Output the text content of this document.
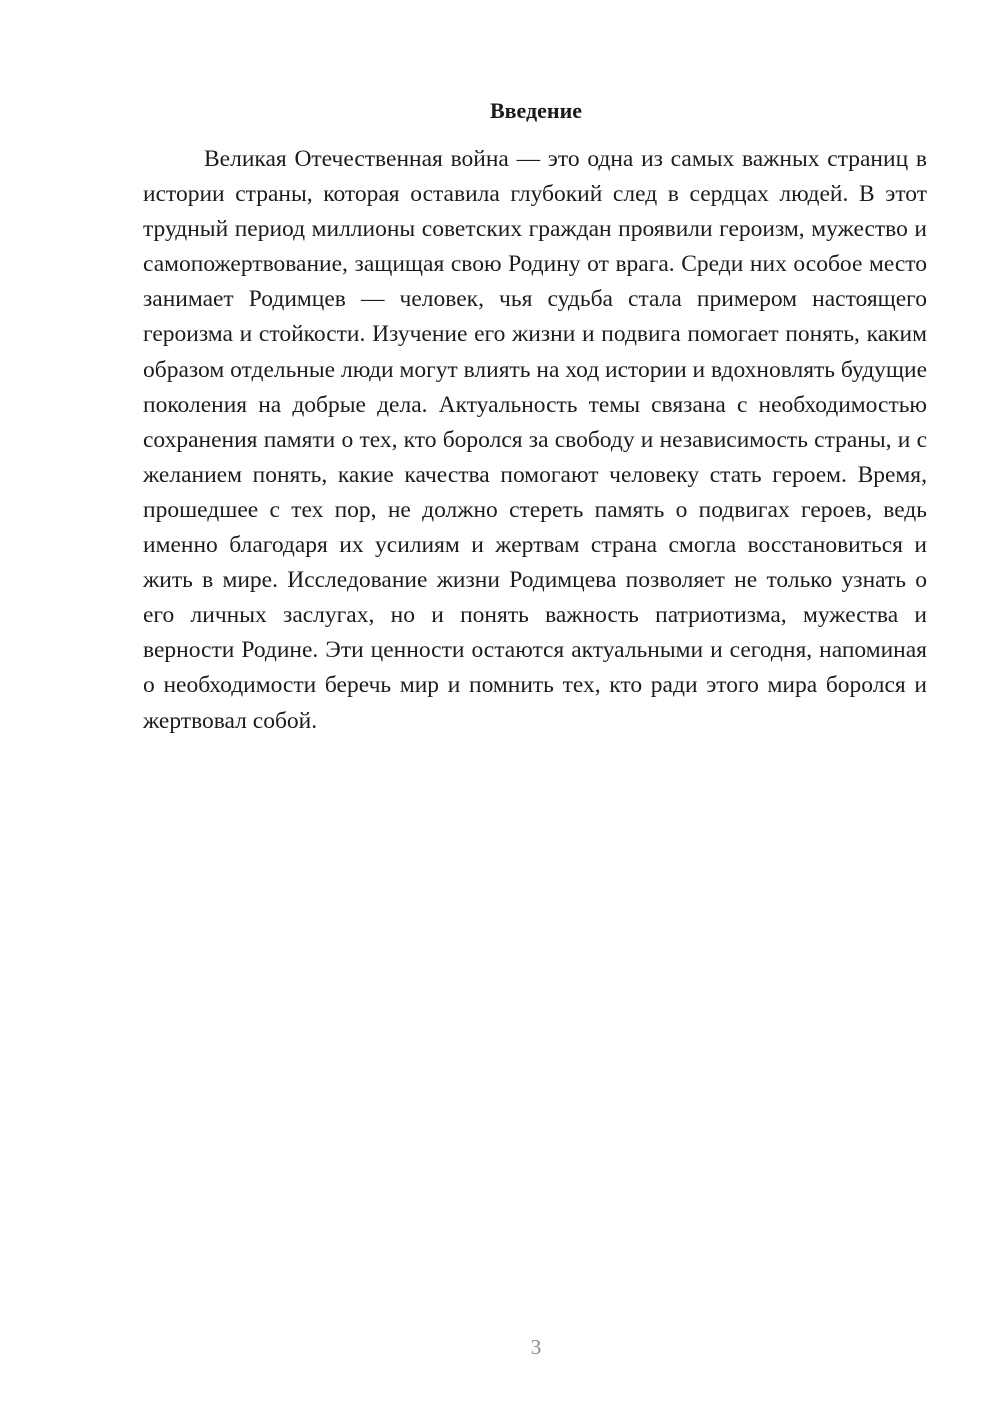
Введение

Великая Отечественная война — это одна из самых важных страниц в истории страны, которая оставила глубокий след в сердцах людей. В этот трудный период миллионы советских граждан проявили героизм, мужество и самопожертвование, защищая свою Родину от врага. Среди них особое место занимает Родимцев — человек, чья судьба стала примером настоящего героизма и стойкости. Изучение его жизни и подвига помогает понять, каким образом отдельные люди могут влиять на ход истории и вдохновлять будущие поколения на добрые дела. Актуальность темы связана с необходимостью сохранения памяти о тех, кто боролся за свободу и независимость страны, и с желанием понять, какие качества помогают человеку стать героем. Время, прошедшее с тех пор, не должно стереть память о подвигах героев, ведь именно благодаря их усилиям и жертвам страна смогла восстановиться и жить в мире. Исследование жизни Родимцева позволяет не только узнать о его личных заслугах, но и понять важность патриотизма, мужества и верности Родине. Эти ценности остаются актуальными и сегодня, напоминая о необходимости беречь мир и помнить тех, кто ради этого мира боролся и жертвовал собой.

3
